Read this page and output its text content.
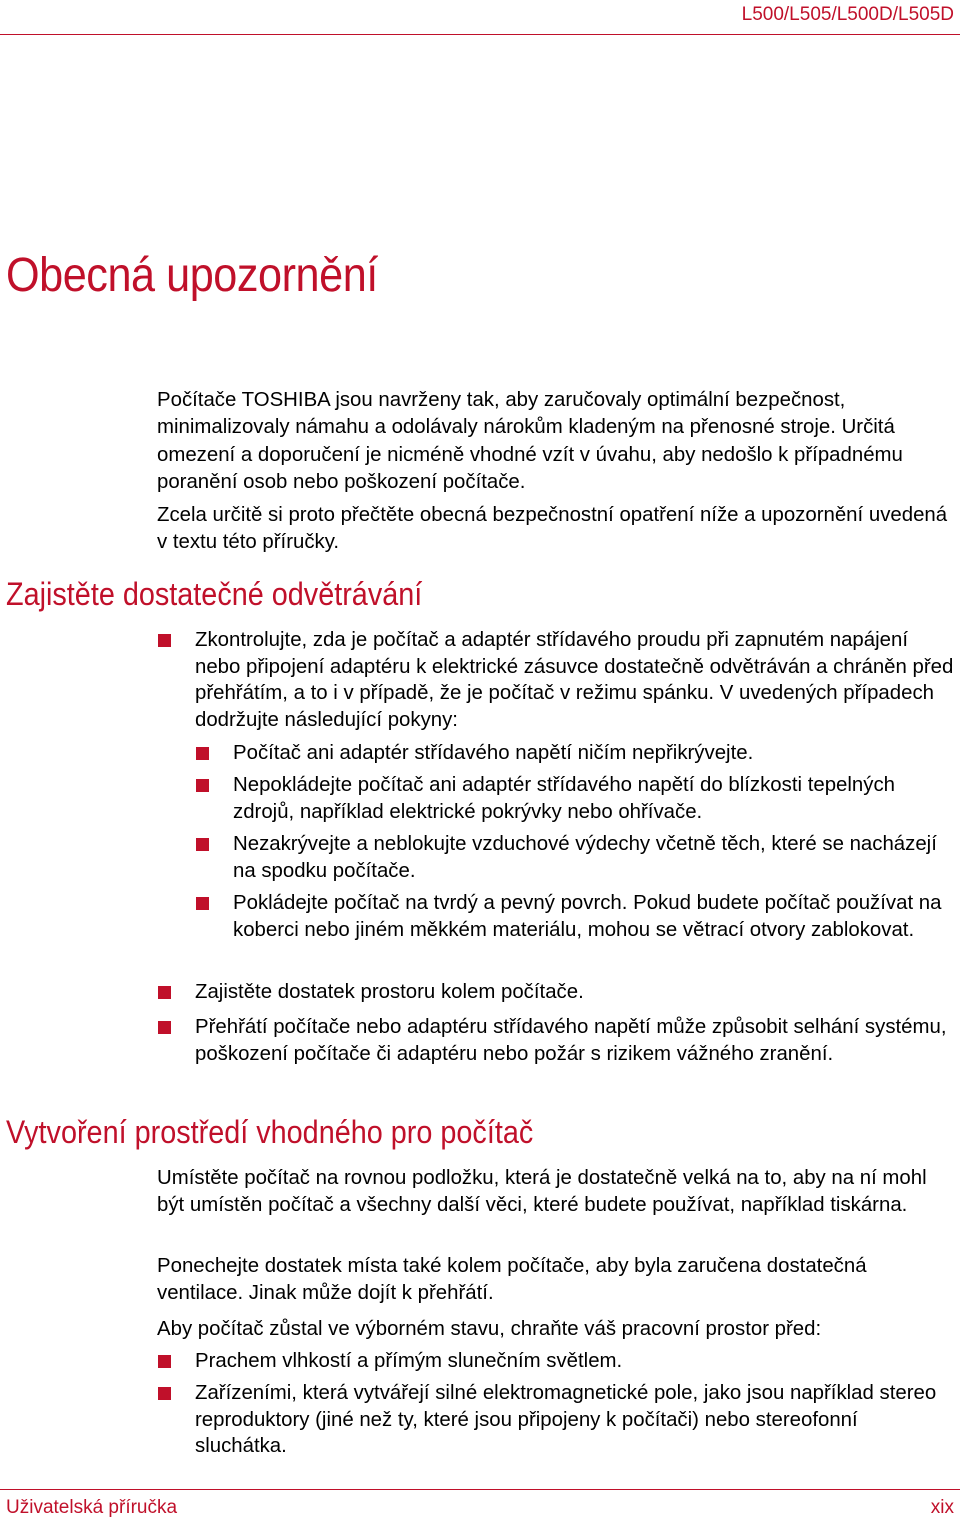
L500/L505/L500D/L505D
Obecná upozornění

Počítače TOSHIBA jsou navrženy tak, aby zaručovaly optimální bezpečnost, minimalizovaly námahu a odolávaly nárokům kladeným na přenosné stroje. Určitá omezení a doporučení je nicméně vhodné vzít v úvahu, aby nedošlo k případnému poranění osob nebo poškození počítače.

Zcela určitě si proto přečtěte obecná bezpečnostní opatření níže a upozornění uvedená v textu této příručky.

Zajistěte dostatečné odvětrávání
Zkontrolujte, zda je počítač a adaptér střídavého proudu při zapnutém napájení nebo připojení adaptéru k elektrické zásuvce dostatečně odvětráván a chráněn před přehřátím, a to i v případě, že je počítač v režimu spánku. V uvedených případech dodržujte následující pokyny:
Počítač ani adaptér střídavého napětí ničím nepřikrývejte.
Nepokládejte počítač ani adaptér střídavého napětí do blízkosti tepelných zdrojů, například elektrické pokrývky nebo ohřívače.
Nezakrývejte a neblokujte vzduchové výdechy včetně těch, které se nacházejí na spodku počítače.
Pokládejte počítač na tvrdý a pevný povrch. Pokud budete počítač používat na koberci nebo jiném měkkém materiálu, mohou se větrací otvory zablokovat.
Zajistěte dostatek prostoru kolem počítače.
Přehřátí počítače nebo adaptéru střídavého napětí může způsobit selhání systému, poškození počítače či adaptéru nebo požár s rizikem vážného zranění.
Vytvoření prostředí vhodného pro počítač

Umístěte počítač na rovnou podložku, která je dostatečně velká na to, aby na ní mohl být umístěn počítač a všechny další věci, které budete používat, například tiskárna.

Ponechejte dostatek místa také kolem počítače, aby byla zaručena dostatečná ventilace. Jinak může dojít k přehřátí.

Aby počítač zůstal ve výborném stavu, chraňte váš pracovní prostor před:

Prachem vlhkostí a přímým slunečním světlem.
Zařízeními, která vytvářejí silné elektromagnetické pole, jako jsou například stereo reproduktory (jiné než ty, které jsou připojeny k počítači) nebo stereofonní sluchátka.
Uživatelská příručka	xix
